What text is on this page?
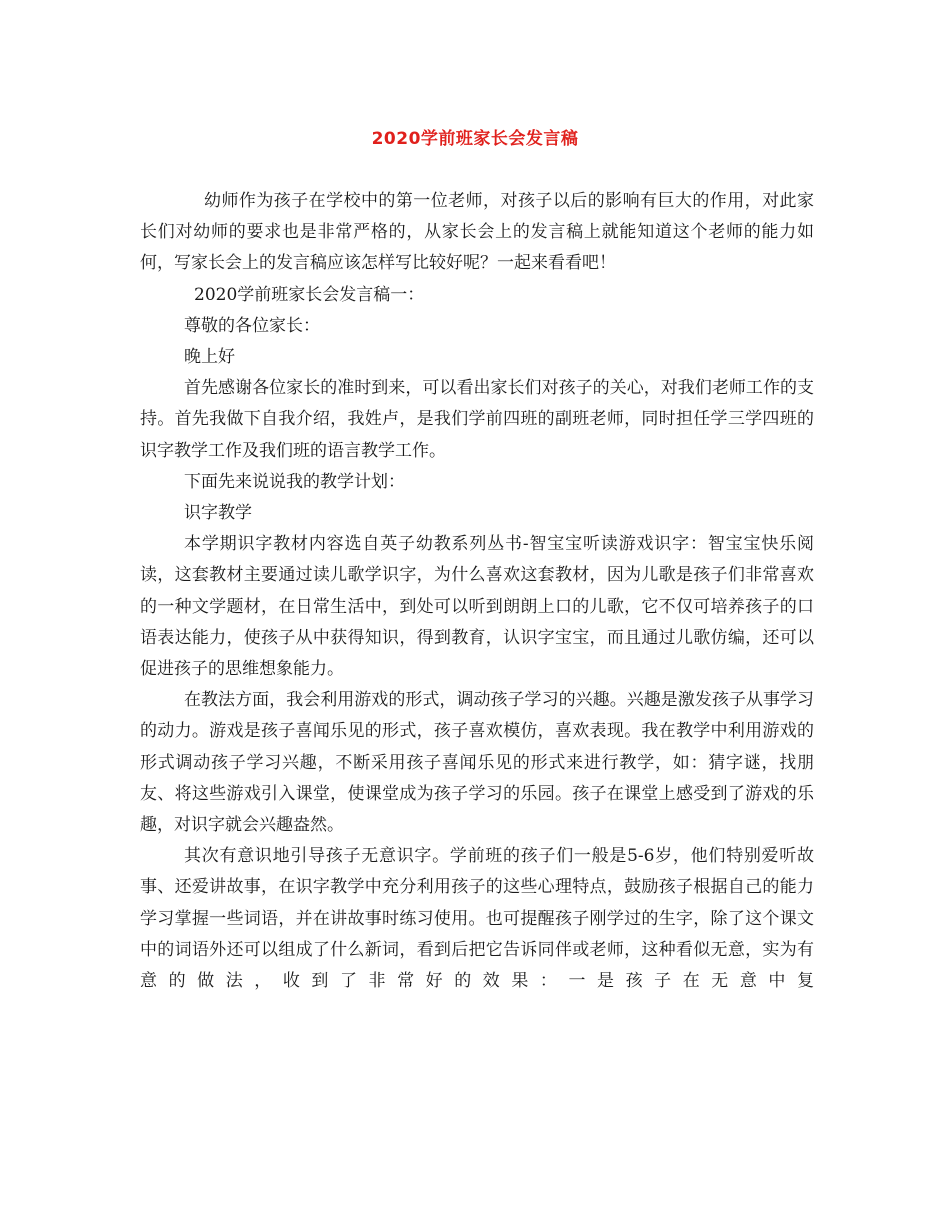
2020学前班家长会发言稿

幼师作为孩子在学校中的第一位老师，对孩子以后的影响有巨大的作用，对此家长们对幼师的要求也是非常严格的，从家长会上的发言稿上就能知道这个老师的能力如何，写家长会上的发言稿应该怎样写比较好呢？一起来看看吧！

2020学前班家长会发言稿一：

尊敬的各位家长：

晚上好

首先感谢各位家长的准时到来，可以看出家长们对孩子的关心，对我们老师工作的支持。首先我做下自我介绍，我姓卢，是我们学前四班的副班老师，同时担任学三学四班的识字教学工作及我们班的语言教学工作。

下面先来说说我的教学计划：

识字教学

本学期识字教材内容选自英子幼教系列丛书-智宝宝听读游戏识字：智宝宝快乐阅读，这套教材主要通过读儿歌学识字，为什么喜欢这套教材，因为儿歌是孩子们非常喜欢的一种文学题材，在日常生活中，到处可以听到朗朗上口的儿歌，它不仅可培养孩子的口语表达能力，使孩子从中获得知识，得到教育，认识字宝宝，而且通过儿歌仿编，还可以促进孩子的思维想象能力。

在教法方面，我会利用游戏的形式，调动孩子学习的兴趣。兴趣是激发孩子从事学习的动力。游戏是孩子喜闻乐见的形式，孩子喜欢模仿，喜欢表现。我在教学中利用游戏的形式调动孩子学习兴趣，不断采用孩子喜闻乐见的形式来进行教学，如：猜字谜，找朋友、将这些游戏引入课堂，使课堂成为孩子学习的乐园。孩子在课堂上感受到了游戏的乐趣，对识字就会兴趣盎然。

其次有意识地引导孩子无意识字。学前班的孩子们一般是5-6岁，他们特别爱听故事、还爱讲故事，在识字教学中充分利用孩子的这些心理特点，鼓励孩子根据自己的能力学习掌握一些词语，并在讲故事时练习使用。也可提醒孩子刚学过的生字，除了这个课文中的词语外还可以组成了什么新词，看到后把它告诉同伴或老师，这种看似无意，实为有意的做法，收到了非常好的效果：一是孩子在无意中复
